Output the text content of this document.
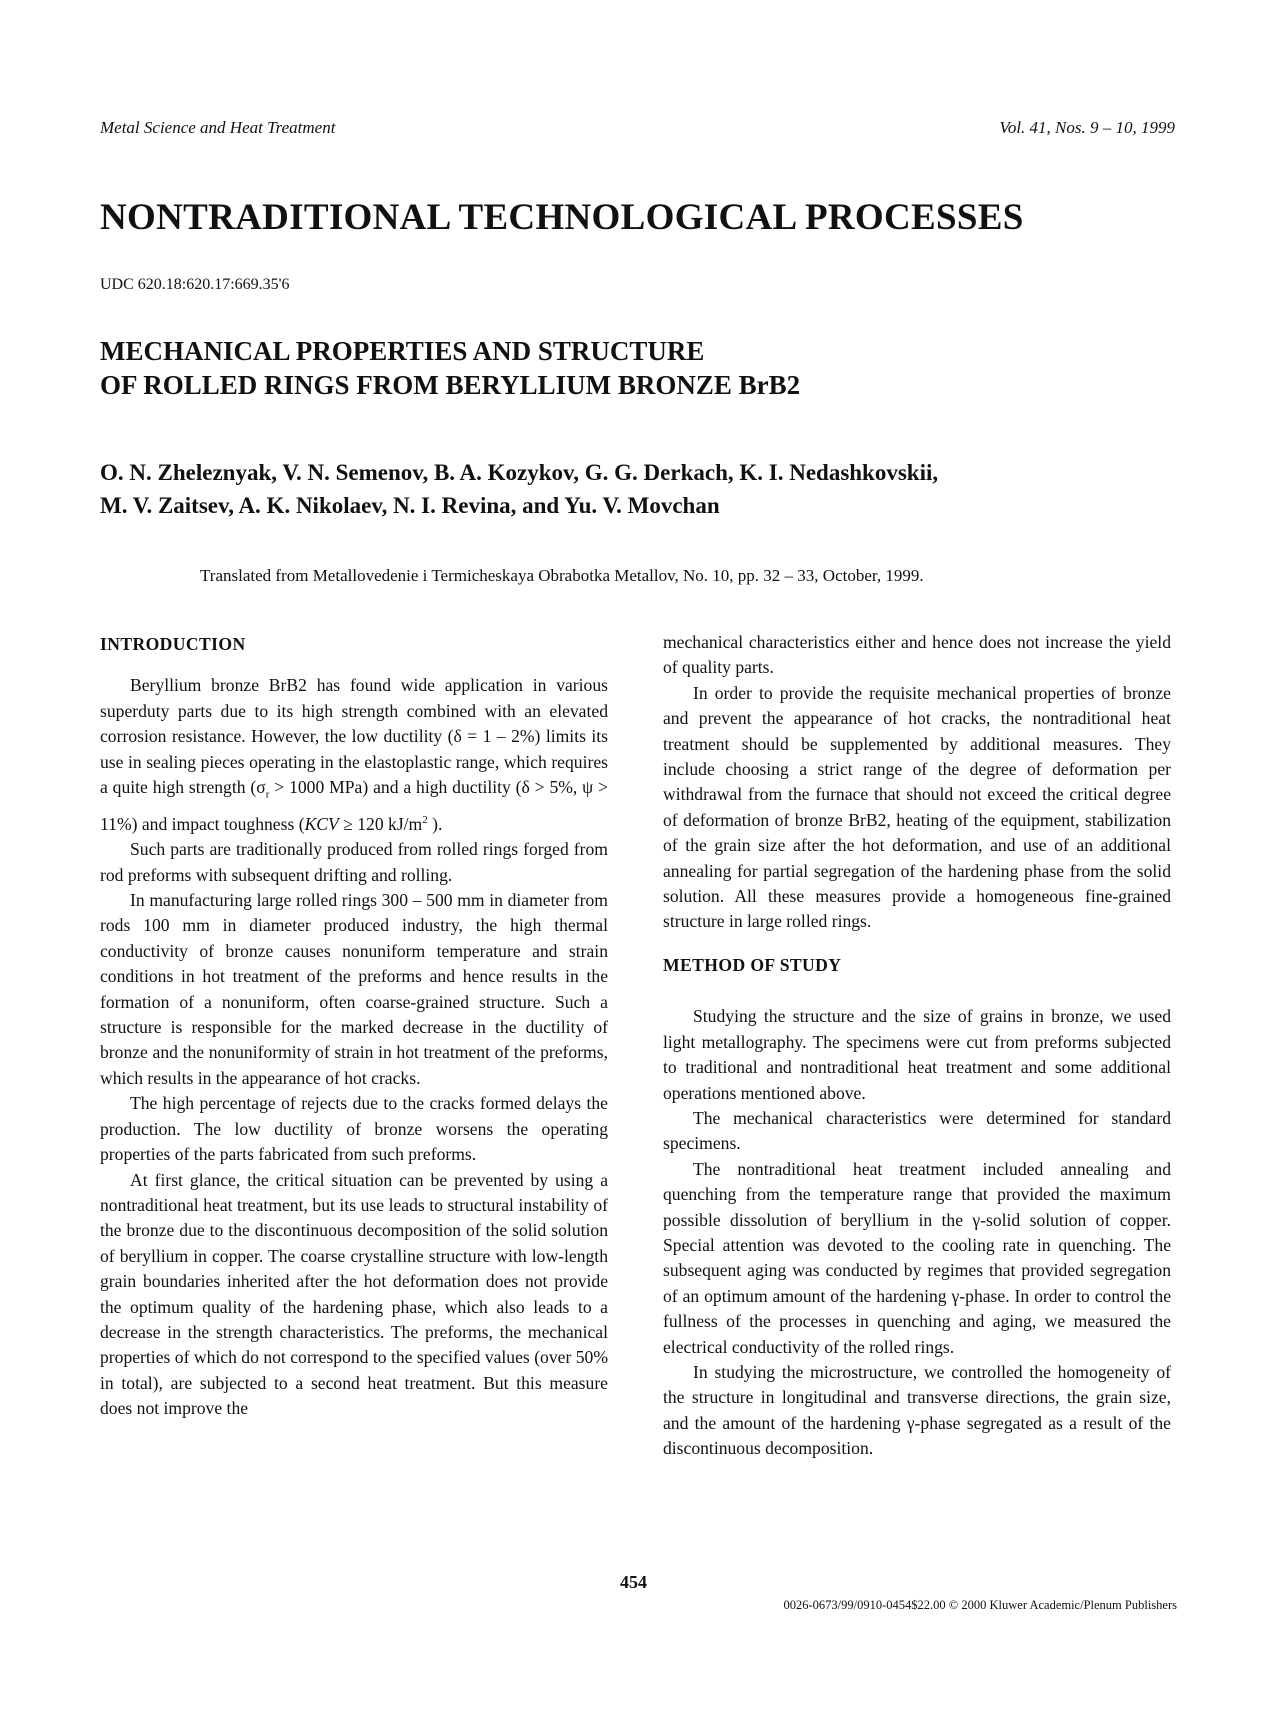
Metal Science and Heat Treatment	Vol. 41, Nos. 9 – 10, 1999
NONTRADITIONAL TECHNOLOGICAL PROCESSES
UDC 620.18:620.17:669.35'6
MECHANICAL PROPERTIES AND STRUCTURE
OF ROLLED RINGS FROM BERYLLIUM BRONZE BrB2
O. N. Zheleznyak, V. N. Semenov, B. A. Kozykov, G. G. Derkach, K. I. Nedashkovskii,
M. V. Zaitsev, A. K. Nikolaev, N. I. Revina, and Yu. V. Movchan
Translated from Metallovedenie i Termicheskaya Obrabotka Metallov, No. 10, pp. 32 – 33, October, 1999.
INTRODUCTION

Beryllium bronze BrB2 has found wide application in various superduty parts due to its high strength combined with an elevated corrosion resistance. However, the low ductility (δ = 1 – 2%) limits its use in sealing pieces operating in the elastoplastic range, which requires a quite high strength ($\sigma_r > 1000$ MPa) and a high ductility (δ > 5%, ψ > 11%) and impact toughness (KCV ≥ 120 $kJ/m^2$ ).

Such parts are traditionally produced from rolled rings forged from rod preforms with subsequent drifting and rolling.

In manufacturing large rolled rings 300 – 500 mm in diameter from rods 100 mm in diameter produced industry, the high thermal conductivity of bronze causes nonuniform temperature and strain conditions in hot treatment of the preforms and hence results in the formation of a nonuniform, often coarse-grained structure. Such a structure is responsible for the marked decrease in the ductility of bronze and the nonuniformity of strain in hot treatment of the preforms, which results in the appearance of hot cracks.

The high percentage of rejects due to the cracks formed delays the production. The low ductility of bronze worsens the operating properties of the parts fabricated from such preforms.

At first glance, the critical situation can be prevented by using a nontraditional heat treatment, but its use leads to structural instability of the bronze due to the discontinuous decomposition of the solid solution of beryllium in copper. The coarse crystalline structure with low-length grain boundaries inherited after the hot deformation does not provide the optimum quality of the hardening phase, which also leads to a decrease in the strength characteristics. The preforms, the mechanical properties of which do not correspond to the specified values (over 50% in total), are subjected to a second heat treatment. But this measure does not improve the

mechanical characteristics either and hence does not increase the yield of quality parts.

In order to provide the requisite mechanical properties of bronze and prevent the appearance of hot cracks, the nontraditional heat treatment should be supplemented by additional measures. They include choosing a strict range of the degree of deformation per withdrawal from the furnace that should not exceed the critical degree of deformation of bronze BrB2, heating of the equipment, stabilization of the grain size after the hot deformation, and use of an additional annealing for partial segregation of the hardening phase from the solid solution. All these measures provide a homogeneous fine-grained structure in large rolled rings.

METHOD OF STUDY

Studying the structure and the size of grains in bronze, we used light metallography. The specimens were cut from preforms subjected to traditional and nontraditional heat treatment and some additional operations mentioned above.

The mechanical characteristics were determined for standard specimens.

The nontraditional heat treatment included annealing and quenching from the temperature range that provided the maximum possible dissolution of beryllium in the γ-solid solution of copper. Special attention was devoted to the cooling rate in quenching. The subsequent aging was conducted by regimes that provided segregation of an optimum amount of the hardening γ-phase. In order to control the fullness of the processes in quenching and aging, we measured the electrical conductivity of the rolled rings.

In studying the microstructure, we controlled the homogeneity of the structure in longitudinal and transverse directions, the grain size, and the amount of the hardening γ-phase segregated as a result of the discontinuous decomposition.

454
0026-0673/99/0910-0454$22.00 © 2000 Kluwer Academic/Plenum Publishers
